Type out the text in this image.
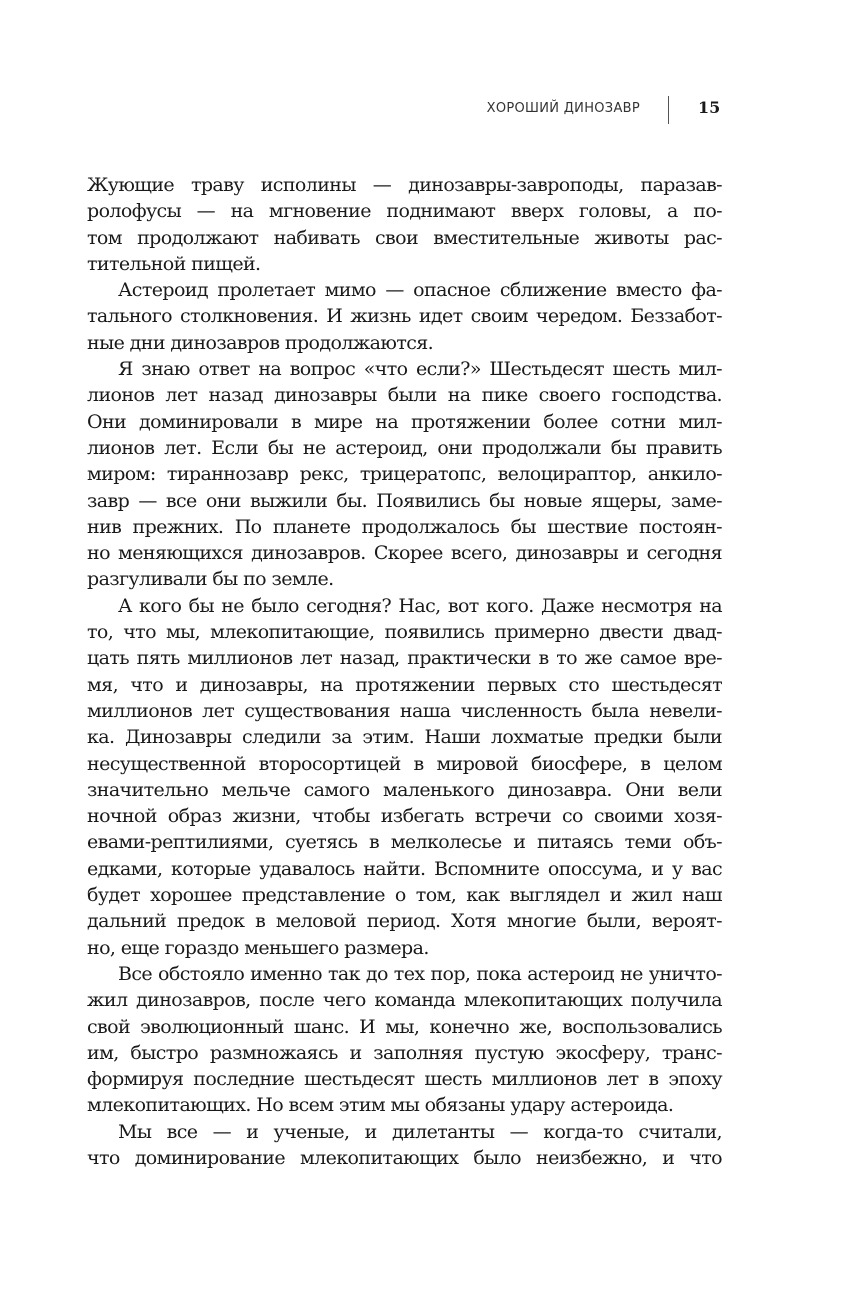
ХОРОШИЙ ДИНОЗАВР	15
Жующие траву исполины — динозавры-завроподы, паразав-
ролофусы — на мгновение поднимают вверх головы, а по-
том продолжают набивать свои вместительные животы рас-
тительной пищей.
Астероид пролетает мимо — опасное сближение вместо фа-
тального столкновения. И жизнь идет своим чередом. Беззабот-
ные дни динозавров продолжаются.
Я знаю ответ на вопрос «что если?» Шестьдесят шесть мил-
лионов лет назад динозавры были на пике своего господства.
Они доминировали в мире на протяжении более сотни мил-
лионов лет. Если бы не астероид, они продолжали бы править
миром: тираннозавр рекс, трицератопс, велоцираптор, анкило-
завр — все они выжили бы. Появились бы новые ящеры, заме-
нив прежних. По планете продолжалось бы шествие постоян-
но меняющихся динозавров. Скорее всего, динозавры и сегодня
разгуливали бы по земле.
А кого бы не было сегодня? Нас, вот кого. Даже несмотря на
то, что мы, млекопитающие, появились примерно двести двад-
цать пять миллионов лет назад, практически в то же самое вре-
мя, что и динозавры, на протяжении первых сто шестьдесят
миллионов лет существования наша численность была невели-
ка. Динозавры следили за этим. Наши лохматые предки были
несущественной второсортицей в мировой биосфере, в целом
значительно мельче самого маленького динозавра. Они вели
ночной образ жизни, чтобы избегать встречи со своими хозя-
евами-рептилиями, суетясь в мелколесье и питаясь теми объ-
едками, которые удавалось найти. Вспомните опоссума, и у вас
будет хорошее представление о том, как выглядел и жил наш
дальний предок в меловой период. Хотя многие были, вероят-
но, еще гораздо меньшего размера.
Все обстояло именно так до тех пор, пока астероид не уничто-
жил динозавров, после чего команда млекопитающих получила
свой эволюционный шанс. И мы, конечно же, воспользовались
им, быстро размножаясь и заполняя пустую экосферу, транс-
формируя последние шестьдесят шесть миллионов лет в эпоху
млекопитающих. Но всем этим мы обязаны удару астероида.
Мы все — и ученые, и дилетанты — когда-то считали,
что доминирование млекопитающих было неизбежно, и что
